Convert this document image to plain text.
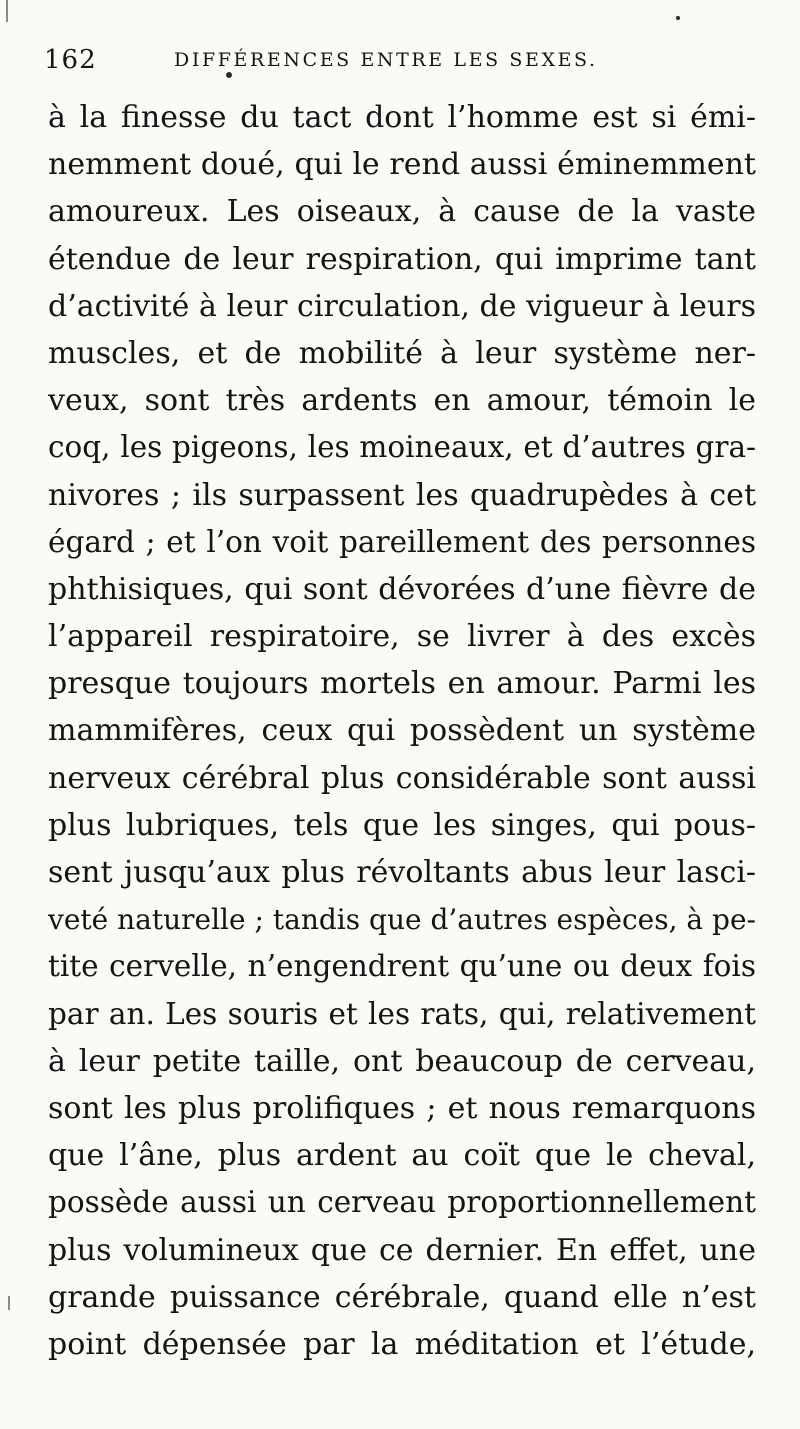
162	DIFFÉRENCES ENTRE LES SEXES.
à la finesse du tact dont l’homme est si émi-
nemment doué, qui le rend aussi éminemment
amoureux. Les oiseaux, à cause de la vaste
étendue de leur respiration, qui imprime tant
d’activité à leur circulation, de vigueur à leurs
muscles, et de mobilité à leur système ner-
veux, sont très ardents en amour, témoin le
coq, les pigeons, les moineaux, et d’autres gra-
nivores ; ils surpassent les quadrupèdes à cet
égard ; et l’on voit pareillement des personnes
phthisiques, qui sont dévorées d’une fièvre de
l’appareil respiratoire, se livrer à des excès
presque toujours mortels en amour. Parmi les
mammifères, ceux qui possèdent un système
nerveux cérébral plus considérable sont aussi
plus lubriques, tels que les singes, qui pous-
sent jusqu’aux plus révoltants abus leur lasci-
veté naturelle ; tandis que d’autres espèces, à pe-
tite cervelle, n’engendrent qu’une ou deux fois
par an. Les souris et les rats, qui, relativement
à leur petite taille, ont beaucoup de cerveau,
sont les plus prolifiques ; et nous remarquons
que l’âne, plus ardent au coït que le cheval,
possède aussi un cerveau proportionnellement
plus volumineux que ce dernier. En effet, une
grande puissance cérébrale, quand elle n’est
point dépensée par la méditation et l’étude,
